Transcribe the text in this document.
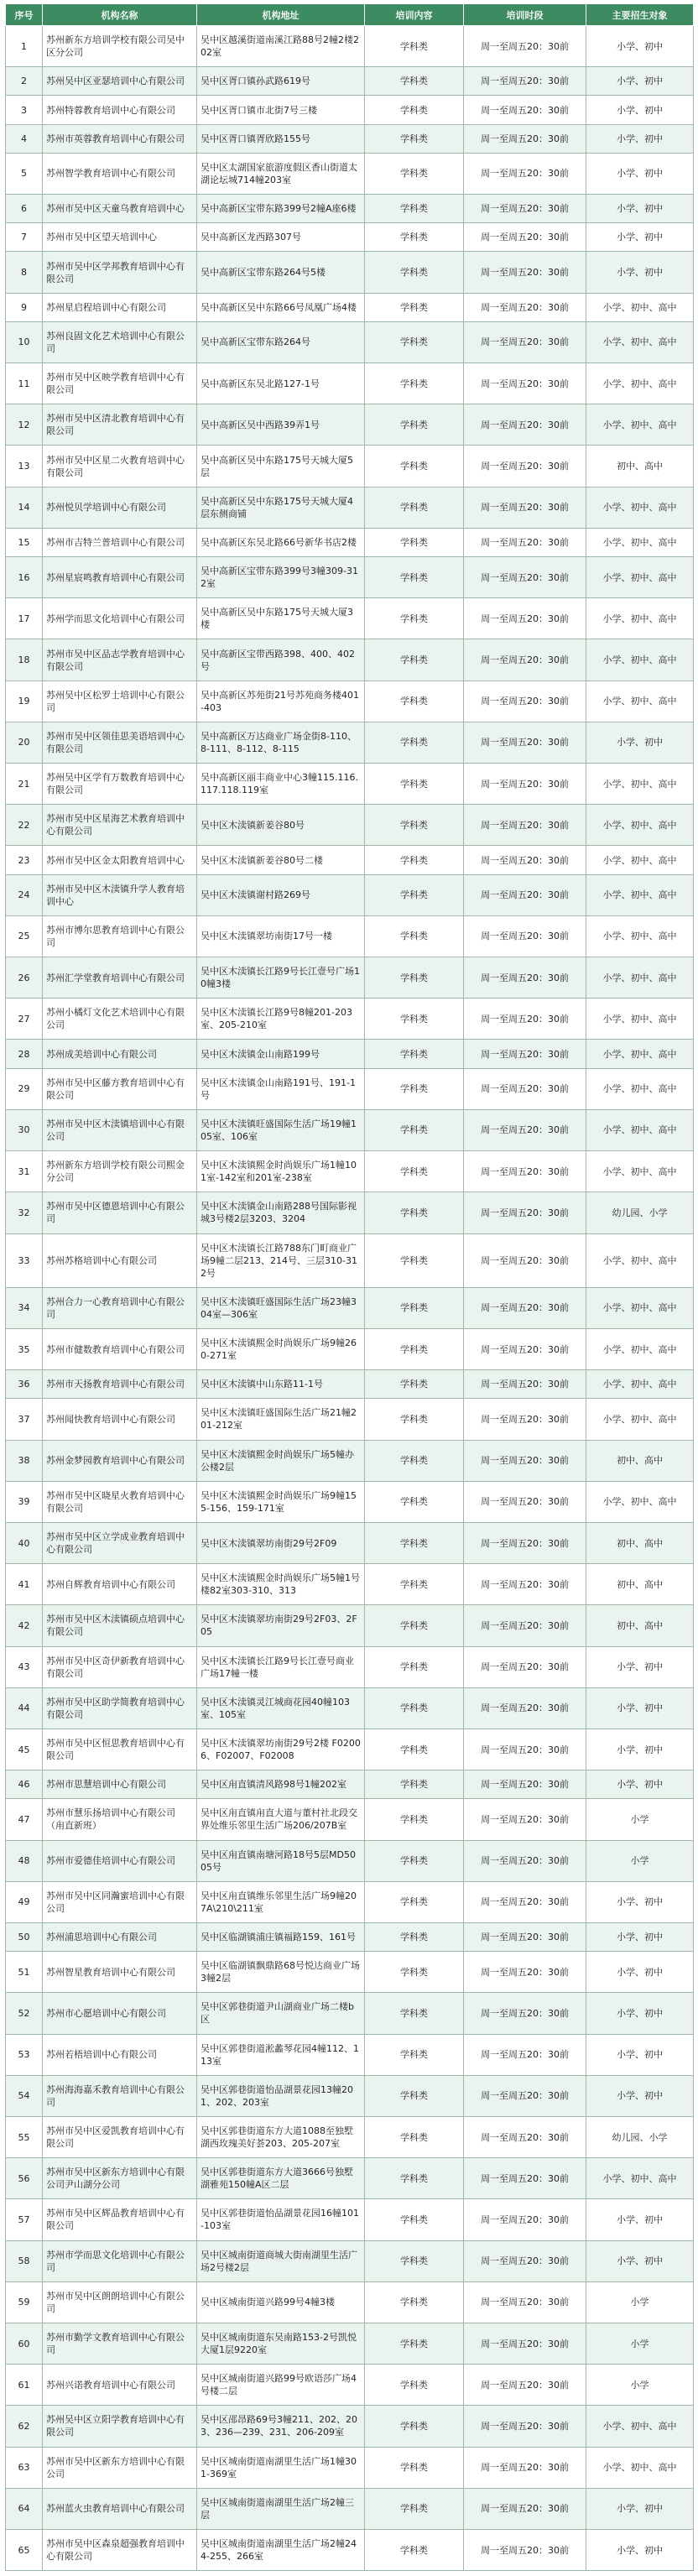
序号	机构名称	机构地址	培训内容	培训时段	主要招生对象
1	苏州新东方培训学校有限公司吴中区分公司	吴中区越溪街道南溪江路88号2幢2楼202室	学科类	周一至周五20：30前	小学、初中
2	苏州吴中区亚瑟培训中心有限公司	吴中区胥口镇孙武路619号	学科类	周一至周五20：30前	小学、初中
3	苏州特蓉教育培训中心有限公司	吴中区胥口镇市北街7号三楼	学科类	周一至周五20：30前	小学、初中
4	苏州市英蓉教育培训中心有限公司	吴中区胥口镇胥欣路155号	学科类	周一至周五20：30前	小学、初中
5	苏州智学教育培训中心有限公司	吴中区太湖国家旅游度假区香山街道太湖论坛城714幢203室	学科类	周一至周五20：30前	小学、初中
6	苏州市吴中区天童乌教育培训中心	吴中高新区宝带东路399号2幢A座6楼	学科类	周一至周五20：30前	小学、初中
7	苏州市吴中区望天培训中心	吴中高新区龙西路307号	学科类	周一至周五20：30前	小学、初中
8	苏州市吴中区学邦教育培训中心有限公司	吴中高新区宝带东路264号5楼	学科类	周一至周五20：30前	小学、初中
9	苏州星启程培训中心有限公司	吴中高新区吴中东路66号凤凰广场4楼	学科类	周一至周五20：30前	小学、初中、高中
10	苏州良固文化艺术培训中心有限公司	吴中高新区宝带东路264号	学科类	周一至周五20：30前	小学、初中、高中
11	苏州市吴中区映学教育培训中心有限公司	吴中高新区东吴北路127-1号	学科类	周一至周五20：30前	小学、初中、高中
12	苏州市吴中区清北教育培训中心有限公司	吴中高新区吴中西路39弄1号	学科类	周一至周五20：30前	小学、初中、高中
13	苏州市吴中区星二火教育培训中心有限公司	吴中高新区吴中东路175号天城大厦5层	学科类	周一至周五20：30前	初中、高中
14	苏州悦贝学培训中心有限公司	吴中高新区吴中东路175号天城大厦4层东侧商铺	学科类	周一至周五20：30前	小学、初中、高中
15	苏州市吉特兰普培训中心有限公司	吴中高新区东吴北路66号新华书店2楼	学科类	周一至周五20：30前	小学、初中、高中
16	苏州星宸鸣教育培训中心有限公司	吴中高新区宝带东路399号3幢309-312室	学科类	周一至周五20：30前	小学、初中、高中
17	苏州学而思文化培训中心有限公司	吴中高新区吴中东路175号天城大厦3楼	学科类	周一至周五20：30前	小学、初中、高中
18	苏州市吴中区品志学教育培训中心有限公司	吴中高新区宝带西路398、400、402号	学科类	周一至周五20：30前	小学、初中、高中
19	苏州吴中区松罗士培训中心有限公司	吴中高新区苏苑街21号苏苑商务楼401-403	学科类	周一至周五20：30前	小学、初中、高中
20	苏州市吴中区领佳思美语培训中心有限公司	吴中高新区万达商业广场金街8-110、8-111、8-112、8-115	学科类	周一至周五20：30前	小学、初中
21	苏州吴中区学有万数教育培训中心有限公司	吴中高新区丽丰商业中心3幢115.116.117.118.119室	学科类	周一至周五20：30前	小学、初中、高中
22	苏州市吴中区星海艺术教育培训中心有限公司	吴中区木渎镇新姜谷80号	学科类	周一至周五20：30前	小学、初中、高中
23	苏州市吴中区金太阳教育培训中心	吴中区木渎镇新姜谷80号二楼	学科类	周一至周五20：30前	小学、初中、高中
24	苏州市吴中区木渎镇升学人教育培训中心	吴中区木渎镇谢村路269号	学科类	周一至周五20：30前	小学、初中、高中
25	苏州市博尔思教育培训中心有限公司	吴中区木渎镇翠坊南街17号一楼	学科类	周一至周五20：30前	小学、初中、高中
26	苏州汇学堂教育培训中心有限公司	吴中区木渎镇长江路9号长江壹号广场10幢3楼	学科类	周一至周五20：30前	小学、初中、高中
27	苏州小橘灯文化艺术培训中心有限公司	吴中区木渎镇长江路9号8幢201-203室、205-210室	学科类	周一至周五20：30前	小学、初中、高中
28	苏州成美培训中心有限公司	吴中区木渎镇金山南路199号	学科类	周一至周五20：30前	小学、初中、高中
29	苏州市吴中区藤方教育培训中心有限公司	吴中区木渎镇金山南路191号、191-1号	学科类	周一至周五20：30前	小学、初中、高中
30	苏州市吴中区木渎镇培训中心有限公司	吴中区木渎镇旺盛国际生活广场19幢105室、106室	学科类	周一至周五20：30前	小学、初中、高中
31	苏州新东方培训学校有限公司熙金分公司	吴中区木渎镇熙金时尚娱乐广场1幢101室-142室和201室-238室	学科类	周一至周五20：30前	小学、初中、高中
32	苏州市吴中区德恩培训中心有限公司	吴中区木渎镇金山南路288号国际影视城3号楼2层3203、3204	学科类	周一至周五20：30前	幼儿园、小学
33	苏州苏格培训中心有限公司	吴中区木渎镇长江路788东门町商业广场9幢二层213、214号、三层310-312号	学科类	周一至周五20：30前	小学、初中、高中
34	苏州合力一心教育培训中心有限公司	吴中区木渎镇旺盛国际生活广场23幢304室—306室	学科类	周一至周五20：30前	小学、初中、高中
35	苏州市健数教育培训中心有限公司	吴中区木渎镇熙金时尚娱乐广场9幢260-271室	学科类	周一至周五20：30前	小学、初中、高中
36	苏州市天扬教育培训中心有限公司	吴中区木渎镇中山东路11-1号	学科类	周一至周五20：30前	小学、初中、高中
37	苏州闻快教育培训中心有限公司	吴中区木渎镇旺盛国际生活广场21幢201-212室	学科类	周一至周五20：30前	小学、初中、高中
38	苏州金梦园教育培训中心有限公司	吴中区木渎镇熙金时尚娱乐广场5幢办公楼2层	学科类	周一至周五20：30前	初中、高中
39	苏州市吴中区晓星火教育培训中心有限公司	吴中区木渎镇熙金时尚娱乐广场9幢155-156、159-171室	学科类	周一至周五20：30前	小学、初中、高中
40	苏州市吴中区立学成业教育培训中心有限公司	吴中区木渎镇翠坊南街29号2F09	学科类	周一至周五20：30前	初中、高中
41	苏州自辉教育培训中心有限公司	吴中区木渎镇熙金时尚娱乐广场5幢1号楼82室303-310、313	学科类	周一至周五20：30前	初中、高中
42	苏州市吴中区木渎镇硕点培训中心有限公司	吴中区木渎镇翠坊南街29号2F03、2F05	学科类	周一至周五20：30前	初中、高中
43	苏州市吴中区奇伊新教育培训中心有限公司	吴中区木渎镇长江路9号长江壹号商业广场17幢一楼	学科类	周一至周五20：30前	小学、初中
44	苏州市吴中区助学简教育培训中心有限公司	吴中区木渎镇灵江城商花园40幢103室、105室	学科类	周一至周五20：30前	小学、初中
45	苏州市吴中区恒思教育培训中心有限公司	吴中区木渎镇翠坊南街29号2楼 F02006、F02007、F02008	学科类	周一至周五20：30前	小学、初中
46	苏州市思慧培训中心有限公司	吴中区甪直镇清风路98号1幢202室	学科类	周一至周五20：30前	小学、初中
47	苏州市慧乐扬培训中心有限公司（甪直新班）	吴中区甪直镇甪直大道与董村社北段交界处维乐邻里生活广场206/207B室	学科类	周一至周五20：30前	小学
48	苏州市爱德佳培训中心有限公司	吴中区甪直镇南塘河路18号5层MD5005号	学科类	周一至周五20：30前	小学
49	苏州市吴中区同瀚蜜培训中心有限公司	吴中区甪直镇维乐邻里生活广场9幢207A\210\211室	学科类	周一至周五20：30前	小学、初中
50	苏州浦思培训中心有限公司	吴中区临湖镇浦庄镇福路159、161号	学科类	周一至周五20：30前	小学、初中
51	苏州智星教育培训中心有限公司	吴中区临湖镇飘鼎路68号悦达商业广场3幢2层	学科类	周一至周五20：30前	小学、初中
52	苏州市心愿培训中心有限公司	吴中区郭巷街道尹山湖商业广场二楼b区	学科类	周一至周五20：30前	小学、初中
53	苏州若梧培训中心有限公司	吴中区郭巷街道淞蠡琴花园4幢112、113室	学科类	周一至周五20：30前	小学、初中
54	苏州海海嘉禾教育培训中心有限公司	吴中区郭巷街道怡品湖景花园13幢201、202、203室	学科类	周一至周五20：30前	小学、初中
55	苏州市吴中区爱凯教育培训中心有限公司	吴中区郭巷街道东方大道1088至独墅湖西玫瑰美好荟203、205-207室	学科类	周一至周五20：30前	幼儿园、小学
56	苏州市吴中区新东方培训中心有限公司尹山湖分公司	吴中区郭巷街道东方大道3666号独墅湖雅苑150幢A区二层	学科类	周一至周五20：30前	小学、初中、高中
57	苏州市吴中区辉品教育培训中心有限公司	吴中区郭巷街道怡品湖景花园16幢101-103室	学科类	周一至周五20：30前	小学、初中
58	苏州市学而思文化培训中心有限公司	吴中区城南街道商城大街南湖里生活广场2号楼2层	学科类	周一至周五20：30前	小学、初中
59	苏州市吴中区朗朗培训中心有限公司	吴中区城南街道兴路99号4幢3楼	学科类	周一至周五20：30前	小学
60	苏州市勤学文教育培训中心有限公司	吴中区城南街道东吴南路153-2号凯悦大厦1层9220室	学科类	周一至周五20：30前	小学
61	苏州兴诺教育培训中心有限公司	吴中区城南街道兴路99号欧语莎广场4号楼二层	学科类	周一至周五20：30前	小学
62	苏州吴中区立阳学教育培训中心有限公司	吴中区邵昂路69号3幢211、202、203、236—239、231、206-209室	学科类	周一至周五20：30前	小学、初中、高中
63	苏州市吴中区新东方培训中心有限公司	吴中区城南街道南湖里生活广场1幢301-369室	学科类	周一至周五20：30前	小学、初中、高中
64	苏州蓝火虫教育培训中心有限公司	吴中区城南街道南湖里生活广场2幢三层	学科类	周一至周五20：30前	小学、初中
65	苏州市吴中区森泉超强教育培训中心有限公司	吴中区城南街道南湖里生活广场2幢244-255、266室	学科类	周一至周五20：30前	小学、初中
